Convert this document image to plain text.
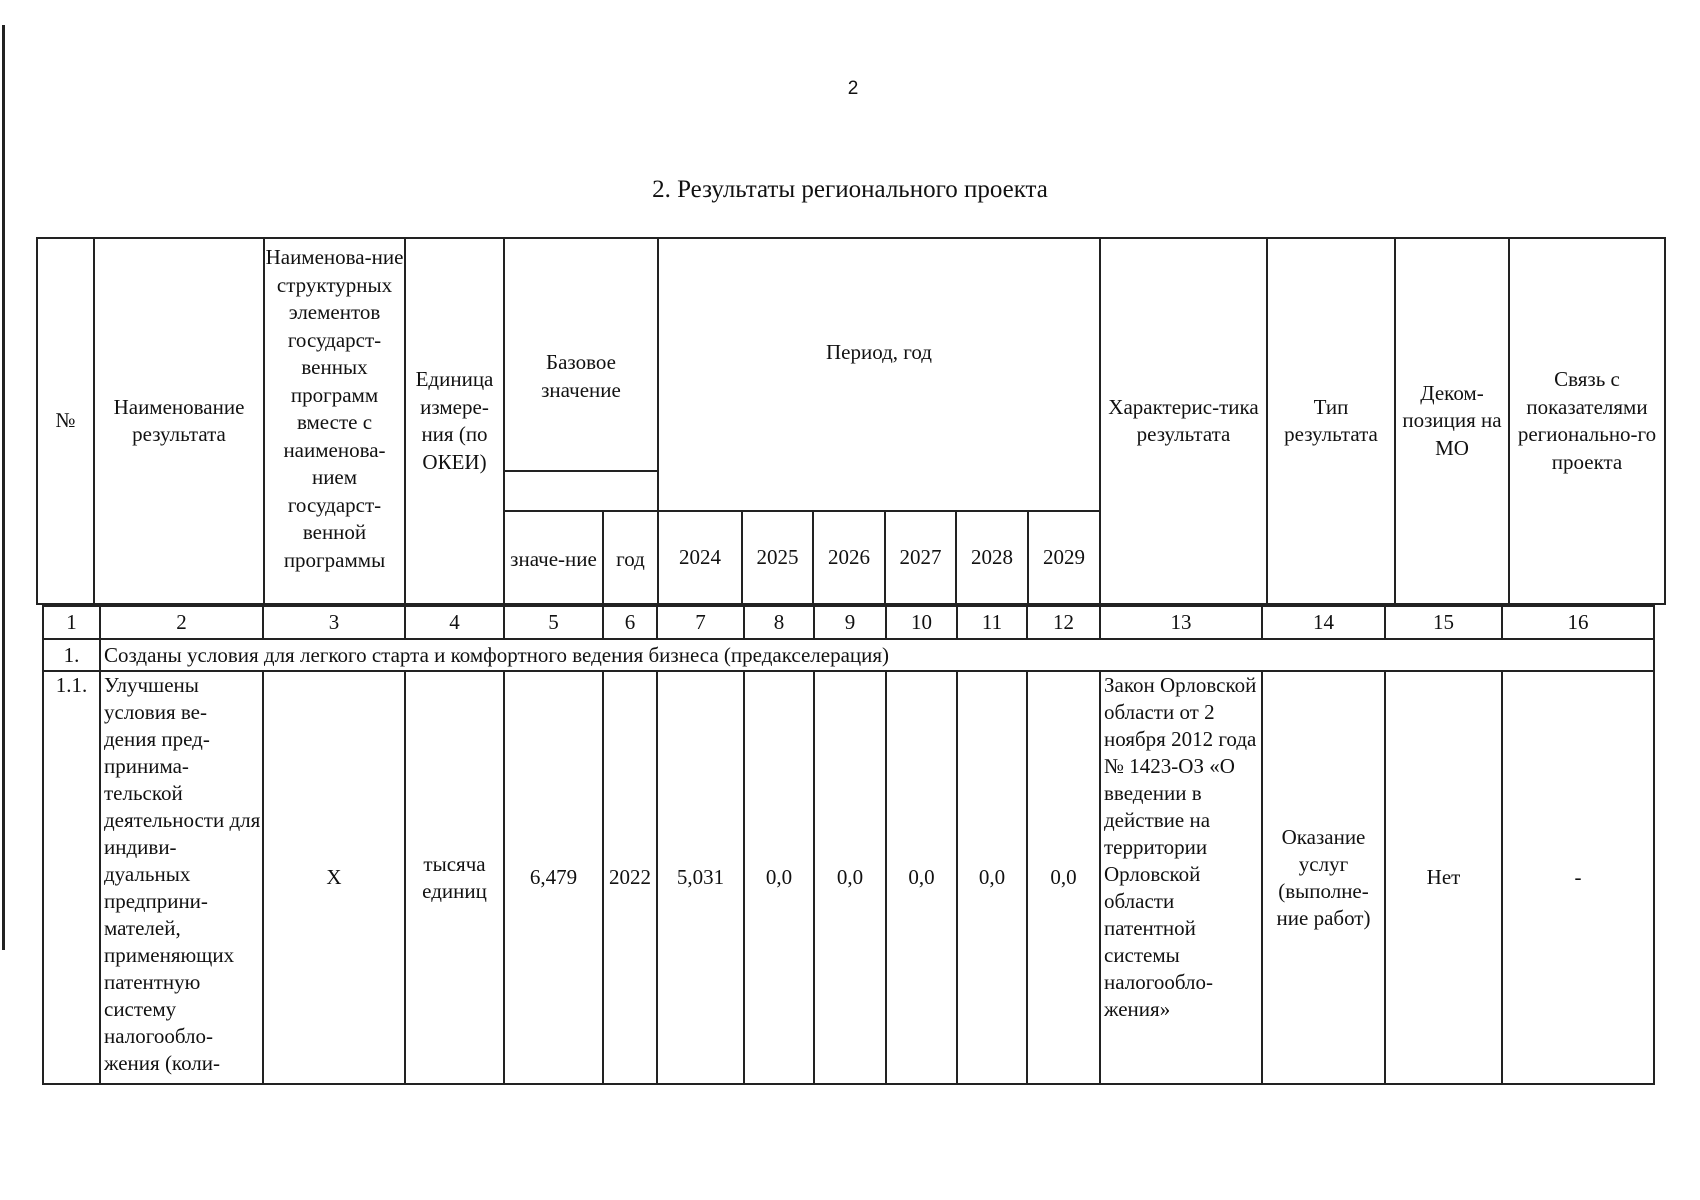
2
2. Результаты регионального проекта
№	Наименование результата	Наименова-ние структурных элементов государст-венных программ вместе с наименова-нием государст-венной программы	Единица измере-ния (по ОКЕИ)	Базовое значение		Период, год						Характерис-тика результата	Тип результата	Деком-позиция на МО	Связь с показателями регионально-го проекта

				значе-ние	год	2024	2025	2026	2027	2028	2029				
1	2	3	4	5	6	7	8	9	10	11	12	13	14	15	16
1.	Созданы условия для легкого старта и комфортного ведения бизнеса (предакселерация)														
1.1.	Улучшены условия ве- дения пред- принима- тельской деятельности для индиви- дуальных предприни- мателей, применяющих патентную систему налогообло- жения (коли-	Х	тысяча единиц	6,479	2022	5,031	0,0	0,0	0,0	0,0	0,0	Закон Орловской области от 2 ноября 2012 года № 1423-ОЗ «О введении в действие на территории Орловской области патентной системы налогообло- жения»	Оказание услуг (выполне-ние работ)	Нет	-
